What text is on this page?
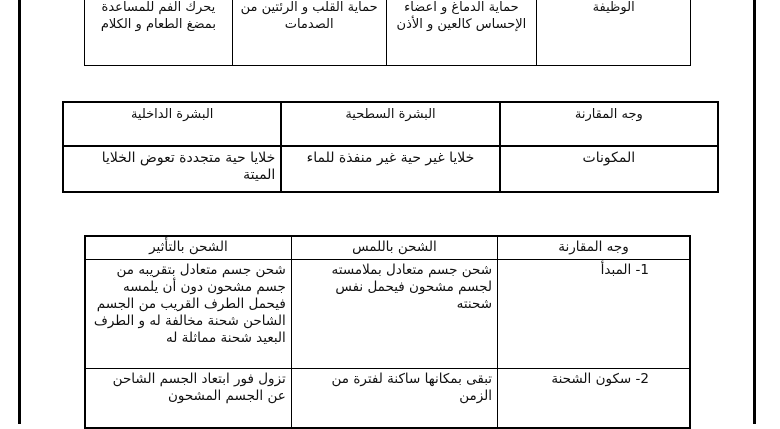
الوظيفة	حماية الدماغ و اعضاء الإحساس كالعين و الأذن	حماية القلب و الرئتين من الصدمات	يحرك الفم للمساعدة بمضغ الطعام و الكلام
وجه المقارنة	البشرة السطحية	البشرة الداخلية
المكونات	خلايا غير حية غير منفذة للماء	خلايا حية متجددة تعوض الخلايا الميتة
وجه المقارنة	الشحن باللمس	الشحن بالتأثير
1- المبدأ	شحن جسم متعادل بملامسته لجسم مشحون فيحمل نفس شحنته	شحن جسم متعادل بتقريبه من جسم مشحون دون أن يلمسه فيحمل الطرف القريب من الجسم الشاحن شحنة مخالفة له و الطرف البعيد شحنة مماثلة له
2- سكون الشحنة	تبقى بمكانها ساكنة لفترة من الزمن	تزول فور ابتعاد الجسم الشاحن عن الجسم المشحون
